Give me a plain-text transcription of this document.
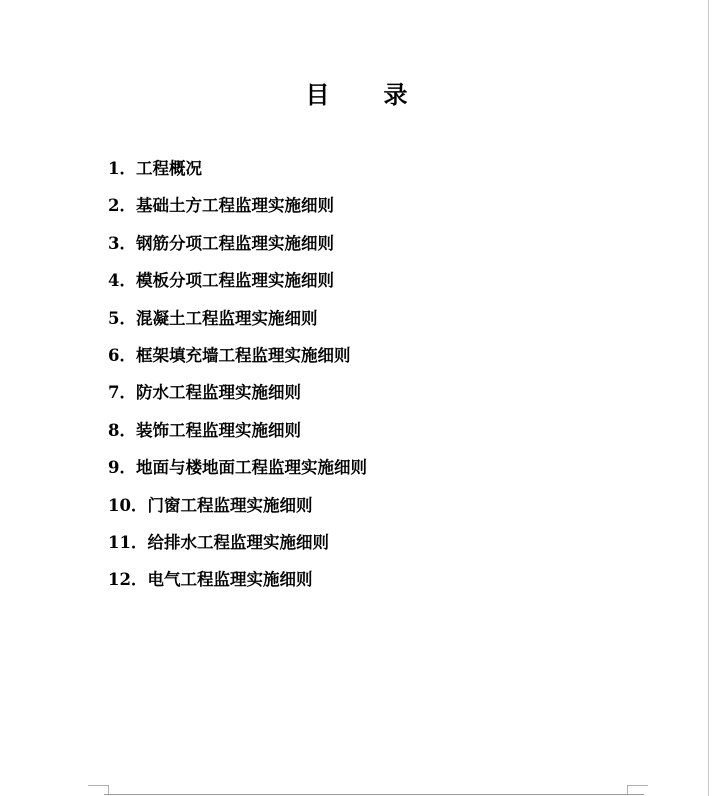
目 录
1．工程概况
2．基础土方工程监理实施细则
3．钢筋分项工程监理实施细则
4．模板分项工程监理实施细则
5．混凝土工程监理实施细则
6．框架填充墙工程监理实施细则
7．防水工程监理实施细则
8．装饰工程监理实施细则
9．地面与楼地面工程监理实施细则
10．门窗工程监理实施细则
11．给排水工程监理实施细则
12．电气工程监理实施细则
